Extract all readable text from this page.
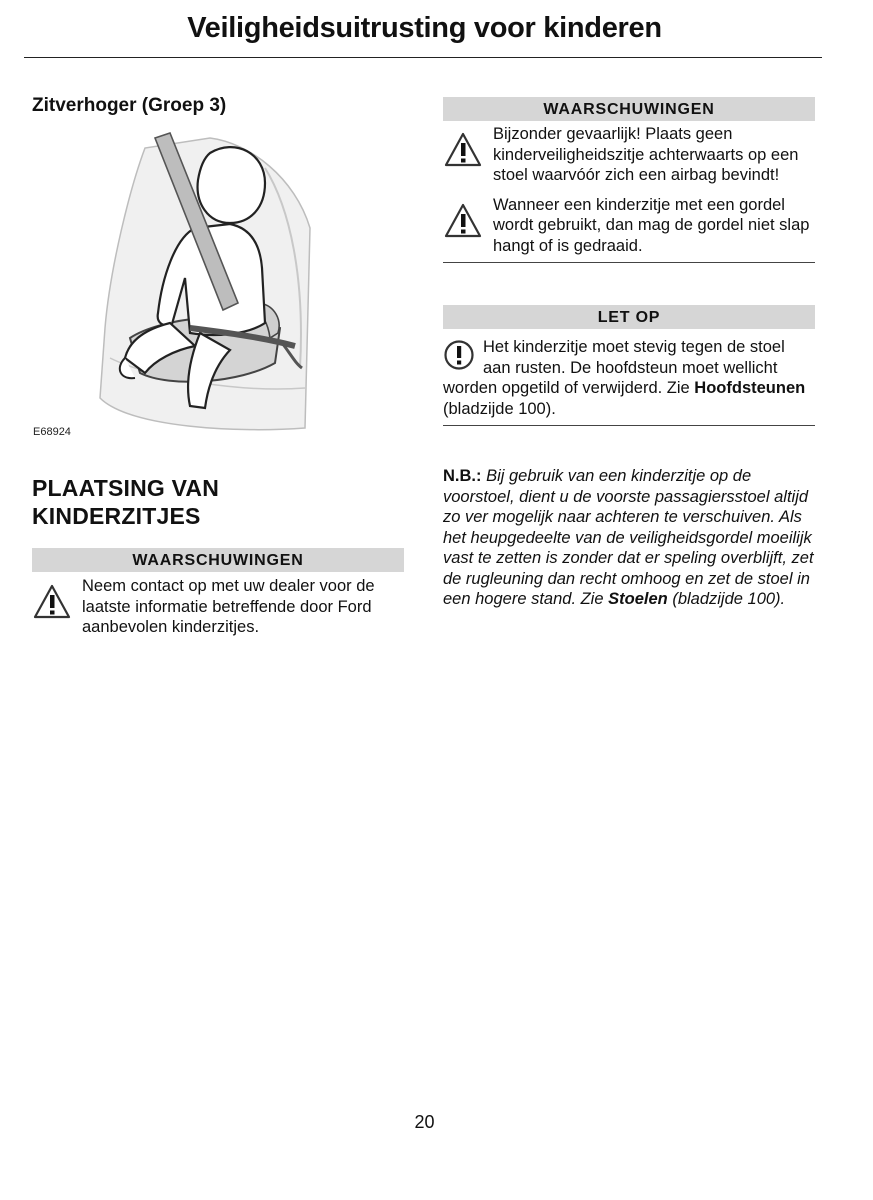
Veiligheidsuitrusting voor kinderen
Zitverhoger (Groep 3)
E68924
PLAATSING VAN
KINDERZITJES
WAARSCHUWINGEN
Neem contact op met uw dealer voor de laatste informatie betreffende door Ford aanbevolen kinderzitjes.
WAARSCHUWINGEN
Bijzonder gevaarlijk! Plaats geen kinderveiligheidszitje achterwaarts op een stoel waarvóór zich een airbag bevindt!
Wanneer een kinderzitje met een gordel wordt gebruikt, dan mag de gordel niet slap hangt of is gedraaid.
LET OP
Het kinderzitje moet stevig tegen de stoel aan rusten. De hoofdsteun moet wellicht worden opgetild of verwijderd. Zie Hoofdsteunen (bladzijde 100).
N.B.: Bij gebruik van een kinderzitje op de voorstoel, dient u de voorste passagiersstoel altijd zo ver mogelijk naar achteren te verschuiven. Als het heupgedeelte van de veiligheidsgordel moeilijk vast te zetten is zonder dat er speling overblijft, zet de rugleuning dan recht omhoog en zet de stoel in een hogere stand. Zie Stoelen (bladzijde 100).
20
